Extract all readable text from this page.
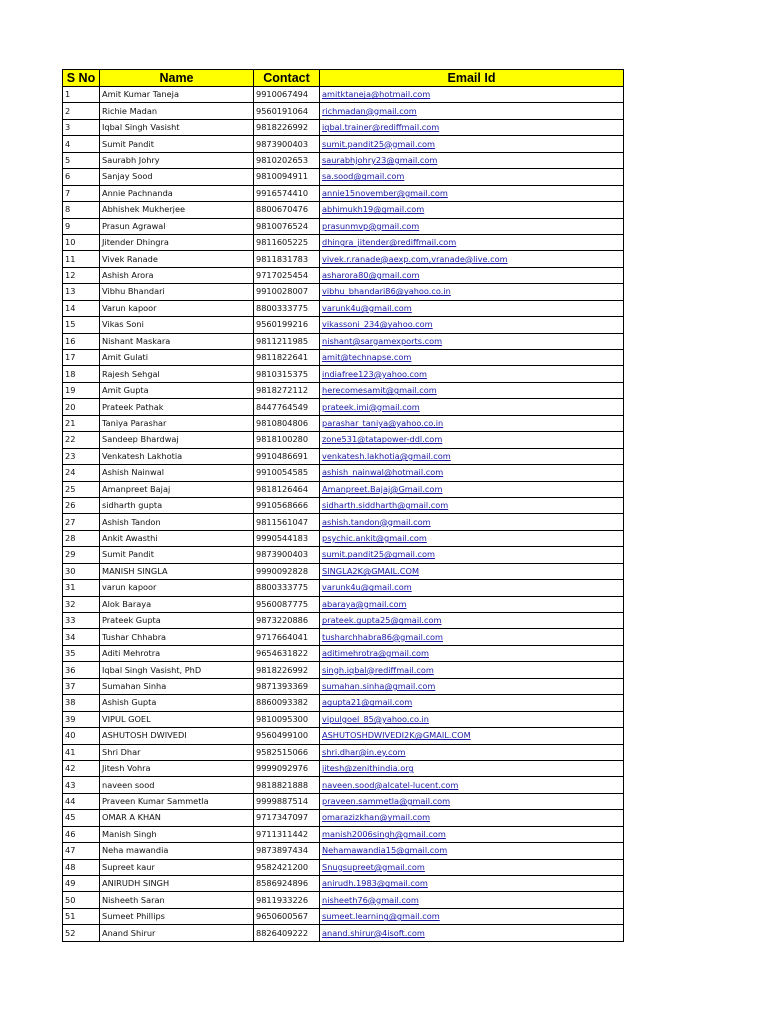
S No	Name	Contact	Email Id
1	Amit Kumar Taneja	9910067494	amitktaneja@hotmail.com
2	Richie Madan	9560191064	richmadan@gmail.com
3	Iqbal Singh Vasisht	9818226992	iqbal.trainer@rediffmail.com
4	Sumit Pandit	9873900403	sumit.pandit25@gmail.com
5	Saurabh Johry	9810202653	saurabhjohry23@gmail.com
6	Sanjay Sood	9810094911	sa.sood@gmail.com
7	Annie Pachnanda	9916574410	annie15november@gmail.com
8	Abhishek Mukherjee	8800670476	abhimukh19@gmail.com
9	Prasun Agrawal	9810076524	prasunmvp@gmail.com
10	Jitender Dhingra	9811605225	dhingra_jitender@rediffmail.com
11	Vivek Ranade	9811831783	vivek.r.ranade@aexp.com,vranade@live.com
12	Ashish Arora	9717025454	asharora80@gmail.com
13	Vibhu Bhandari	9910028007	vibhu_bhandari86@yahoo.co.in
14	Varun kapoor	8800333775	varunk4u@gmail.com
15	Vikas Soni	9560199216	vikassoni_234@yahoo.com
16	Nishant Maskara	9811211985	nishant@sargamexports.com
17	Amit Gulati	9811822641	amit@technapse.com
18	Rajesh Sehgal	9810315375	indiafree123@yahoo.com
19	Amit Gupta	9818272112	herecomesamit@gmail.com
20	Prateek Pathak	8447764549	prateek.imi@gmail.com
21	Taniya Parashar	9810804806	parashar_taniya@yahoo.co.in
22	Sandeep Bhardwaj	9818100280	zone531@tatapower-ddl.com
23	Venkatesh Lakhotia	9910486691	venkatesh.lakhotia@gmail.com
24	Ashish Nainwal	9910054585	ashish_nainwal@hotmail.com
25	Amanpreet Bajaj	9818126464	Amanpreet.Bajaj@Gmail.com
26	sidharth gupta	9910568666	sidharth.siddharth@gmail.com
27	Ashish Tandon	9811561047	ashish.tandon@gmail.com
28	Ankit Awasthi	9990544183	psychic.ankit@gmail.com
29	Sumit Pandit	9873900403	sumit.pandit25@gmail.com
30	MANISH SINGLA	9990092828	SINGLA2K@GMAIL.COM
31	varun kapoor	8800333775	varunk4u@gmail.com
32	Alok Baraya	9560087775	abaraya@gmail.com
33	Prateek Gupta	9873220886	prateek.gupta25@gmail.com
34	Tushar Chhabra	9717664041	tusharchhabra86@gmail.com
35	Aditi Mehrotra	9654631822	aditimehrotra@gmail.com
36	Iqbal Singh Vasisht, PhD	9818226992	singh.iqbal@rediffmail.com
37	Sumahan Sinha	9871393369	sumahan.sinha@gmail.com
38	Ashish Gupta	8860093382	agupta21@gmail.com
39	VIPUL GOEL	9810095300	vipulgoel_85@yahoo.co.in
40	ASHUTOSH DWIVEDI	9560499100	ASHUTOSHDWIVEDI2K@GMAIL.COM
41	Shri Dhar	9582515066	shri.dhar@in.ey.com
42	Jitesh Vohra	9999092976	jitesh@zenithindia.org
43	naveen sood	9818821888	naveen.sood@alcatel-lucent.com
44	Praveen Kumar Sammetla	9999887514	praveen.sammetla@gmail.com
45	OMAR A KHAN	9717347097	omarazizkhan@ymail.com
46	Manish Singh	9711311442	manish2006singh@gmail.com
47	Neha mawandia	9873897434	Nehamawandia15@gmail.com
48	Supreet kaur	9582421200	Snugsupreet@gmail.com
49	ANIRUDH SINGH	8586924896	anirudh.1983@gmail.com
50	Nisheeth Saran	9811933226	nisheeth76@gmail.com
51	Sumeet Phillips	9650600567	sumeet.learning@gmail.com
52	Anand Shirur	8826409222	anand.shirur@4isoft.com
